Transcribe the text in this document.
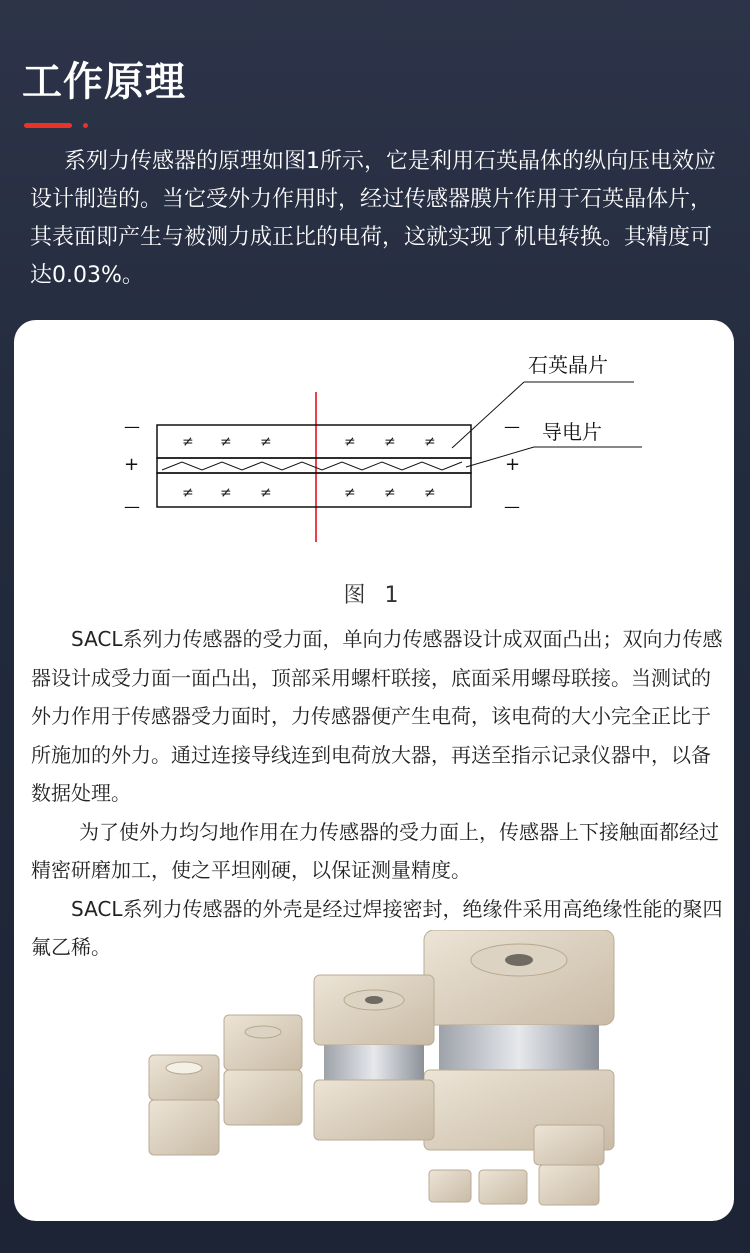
工作原理

系列力传感器的原理如图1所示，它是利用石英晶体的纵向压电效应设计制造的。当它受外力作用时，经过传感器膜片作用于石英晶体片，其表面即产生与被测力成正比的电荷，这就实现了机电转换。其精度可达0.03%。

≠ ≠ ≠	≠ ≠ ≠
≠ ≠ ≠	≠ ≠ ≠
—
+
—
—
+
—
石英晶片
导电片
图 1

SACL系列力传感器的受力面，单向力传感器设计成双面凸出；双向力传感器设计成受力面一面凸出，顶部采用螺杆联接，底面采用螺母联接。当测试的外力作用于传感器受力面时，力传感器便产生电荷，该电荷的大小完全正比于所施加的外力。通过连接导线连到电荷放大器，再送至指示记录仪器中，以备数据处理。

为了使外力均匀地作用在力传感器的受力面上，传感器上下接触面都经过精密研磨加工，使之平坦刚硬，以保证测量精度。

SACL系列力传感器的外壳是经过焊接密封，绝缘件采用高绝缘性能的聚四氟乙稀。
